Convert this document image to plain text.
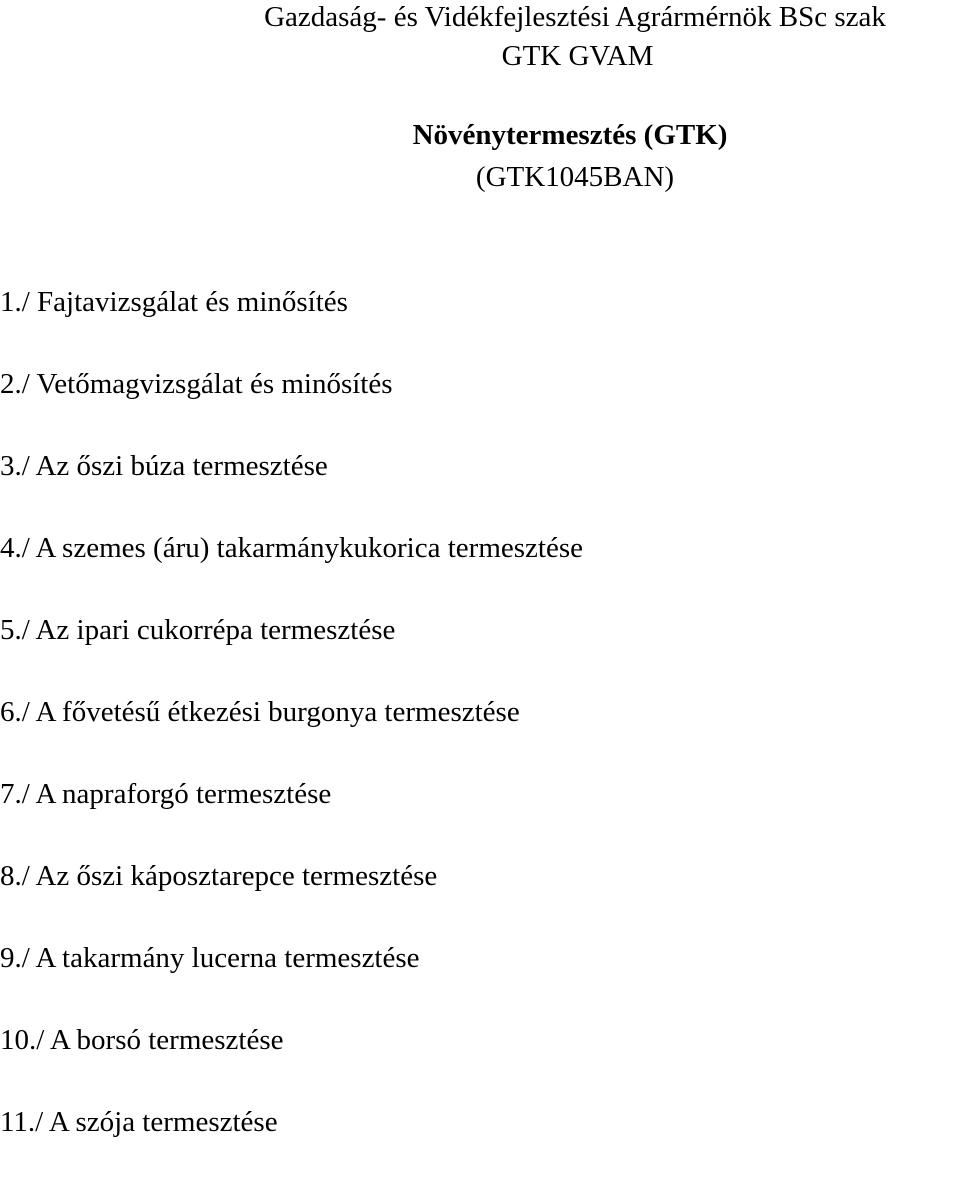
Gazdaság- és Vidékfejlesztési Agrármérnök BSc szak
GTK GVAM
Növénytermesztés (GTK)
(GTK1045BAN)
1./ Fajtavizsgálat és minősítés
2./ Vetőmagvizsgálat és minősítés
3./ Az őszi búza termesztése
4./ A szemes (áru) takarmánykukorica termesztése
5./ Az ipari cukorrépa termesztése
6./ A fővetésű étkezési burgonya termesztése
7./ A napraforgó termesztése
8./ Az őszi káposztarepce termesztése
9./ A takarmány lucerna termesztése
10./ A borsó termesztése
11./ A szója termesztése
